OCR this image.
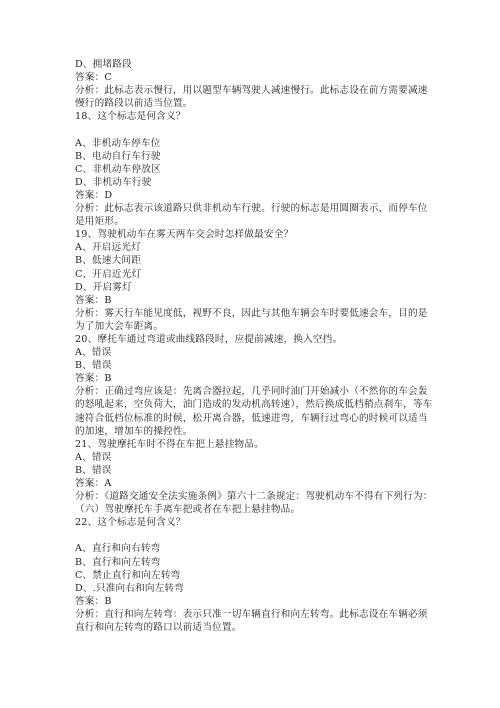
D、拥堵路段
答案：C
分析：此标志表示慢行，用以题型车辆驾驶人减速慢行。此标志设在前方需要减速慢行的路段以前适当位置。
18、这个标志是何含义？
A、非机动车停车位
B、电动自行车行驶
C、非机动车停放区
D、非机动车行驶
答案：D
分析：此标志表示该道路只供非机动车行驶。行驶的标志是用圆圈表示，而停车位是用矩形。
19、驾驶机动车在雾天两车交会时怎样做最安全？
A、开启远光灯
B、低速大间距
C、开启近光灯
D、开启雾灯
答案：B
分析：雾天行车能见度低，视野不良，因此与其他车辆会车时要低速会车，目的是为了加大会车距离。
20、摩托车通过弯道或曲线路段时，应提前减速，换入空挡。
A、错误
B、错误
答案：B
分析：正确过弯应该是：先离合器拉起，几乎同时油门开始减小（不然你的车会轰的怒吼起来，空负荷大，油门造成的发动机高转速），然后换成低档稍点刹车，等车速符合低档位标准的时候，松开离合器，低速进弯，车辆行过弯心的时候可以适当的加速，增加车的操控性。
21、驾驶摩托车时不得在车把上悬挂物品。
A、错误
B、错误
答案：A
分析：《道路交通安全法实施条例》第六十二条规定：驾驶机动车不得有下列行为：（六）驾驶摩托车手离车把或者在车把上悬挂物品。
22、这个标志是何含义？
A、直行和向右转弯
B、直行和向左转弯
C、禁止直行和向左转弯
D、.只准向右和向左转弯
答案：B
分析：直行和向左转弯：表示只准一切车辆直行和向左转弯。此标志设在车辆必须直行和向左转弯的路口以前适当位置。
